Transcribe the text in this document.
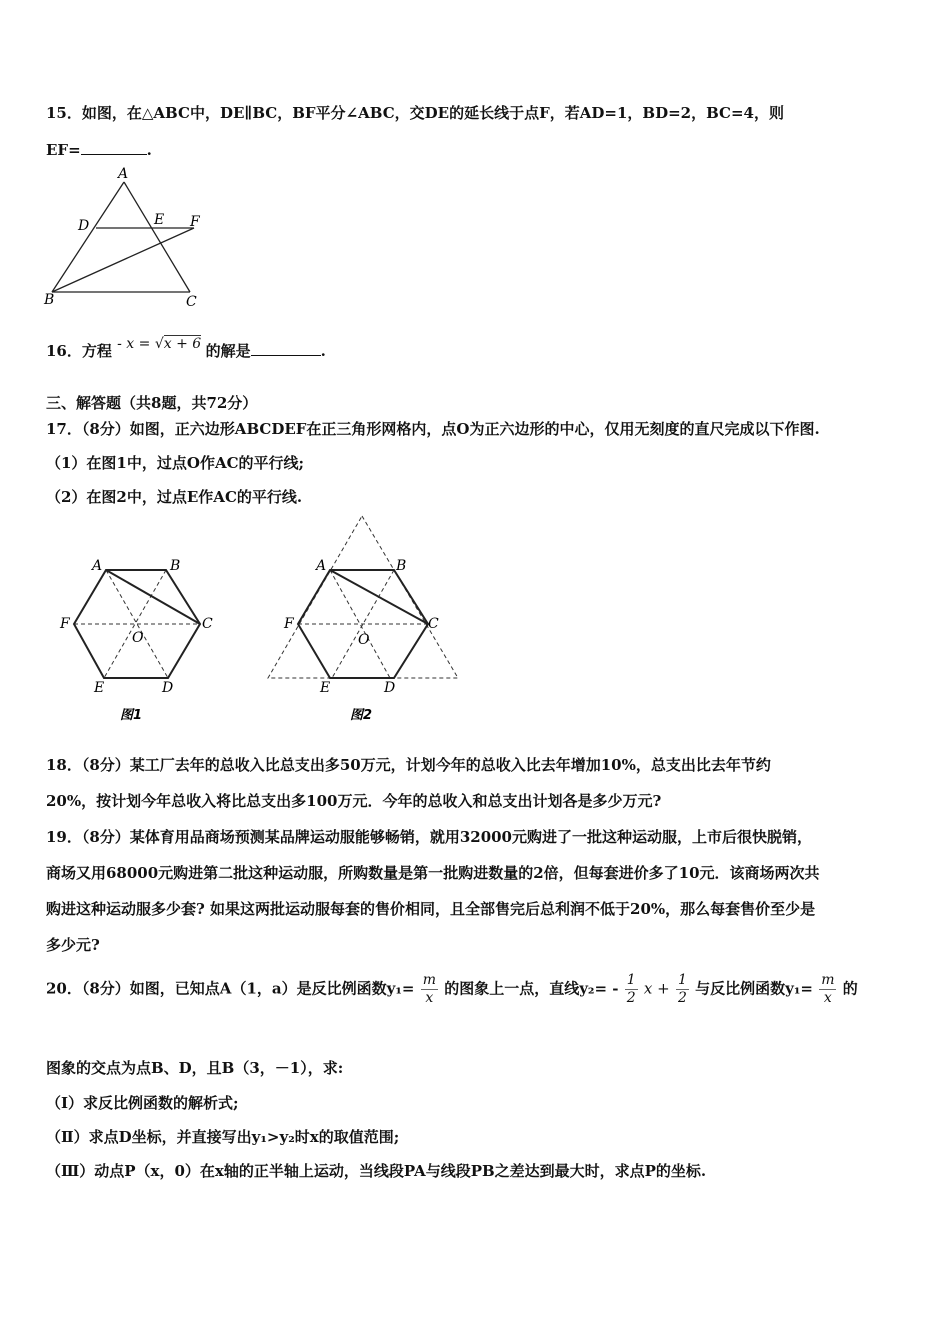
15．如图，在△ABC中，DE∥BC，BF平分∠ABC，交DE的延长线于点F，若AD=1，BD=2，BC=4，则
EF=	.
A
D	E F
B	C
16．方程 - x = √x + 6 的解是	.
三、解答题（共8题，共72分）
17．（8分）如图，正六边形ABCDEF在正三角形网格内，点O为正六边形的中心，仅用无刻度的直尺完成以下作图.
（1）在图1中，过点O作AC的平行线;
（2）在图2中，过点E作AC的平行线.
A	B
C
D
E
F
O
图1
A	B
C
D
E
F
O
图2
18．（8分）某工厂去年的总收入比总支出多50万元，计划今年的总收入比去年增加10%，总支出比去年节约
20%，按计划今年总收入将比总支出多100万元．今年的总收入和总支出计划各是多少万元?
19．（8分）某体育用品商场预测某品牌运动服能够畅销，就用32000元购进了一批这种运动服，上市后很快脱销，
商场又用68000元购进第二批这种运动服，所购数量是第一批购进数量的2倍，但每套进价多了10元．该商场两次共
购进这种运动服多少套? 如果这两批运动服每套的售价相同，且全部售完后总利润不低于20%，那么每套售价至少是
多少元?
20．（8分）如图，已知点A（1，a）是反比例函数$y_1= \frac{m}{x}$ 的图象上一点，直线$y_2= - \frac{1}{2}$ $x + \frac{1}{2}$ 与反比例函数$y_1= \frac{m}{x}$ 的
图象的交点为点B、D，且B（3，－1），求:
（Ⅰ）求反比例函数的解析式;
（Ⅱ）求点D坐标，并直接写出y₁>y₂时x的取值范围;
（Ⅲ）动点P（x，0）在x轴的正半轴上运动，当线段PA与线段PB之差达到最大时，求点P的坐标.
